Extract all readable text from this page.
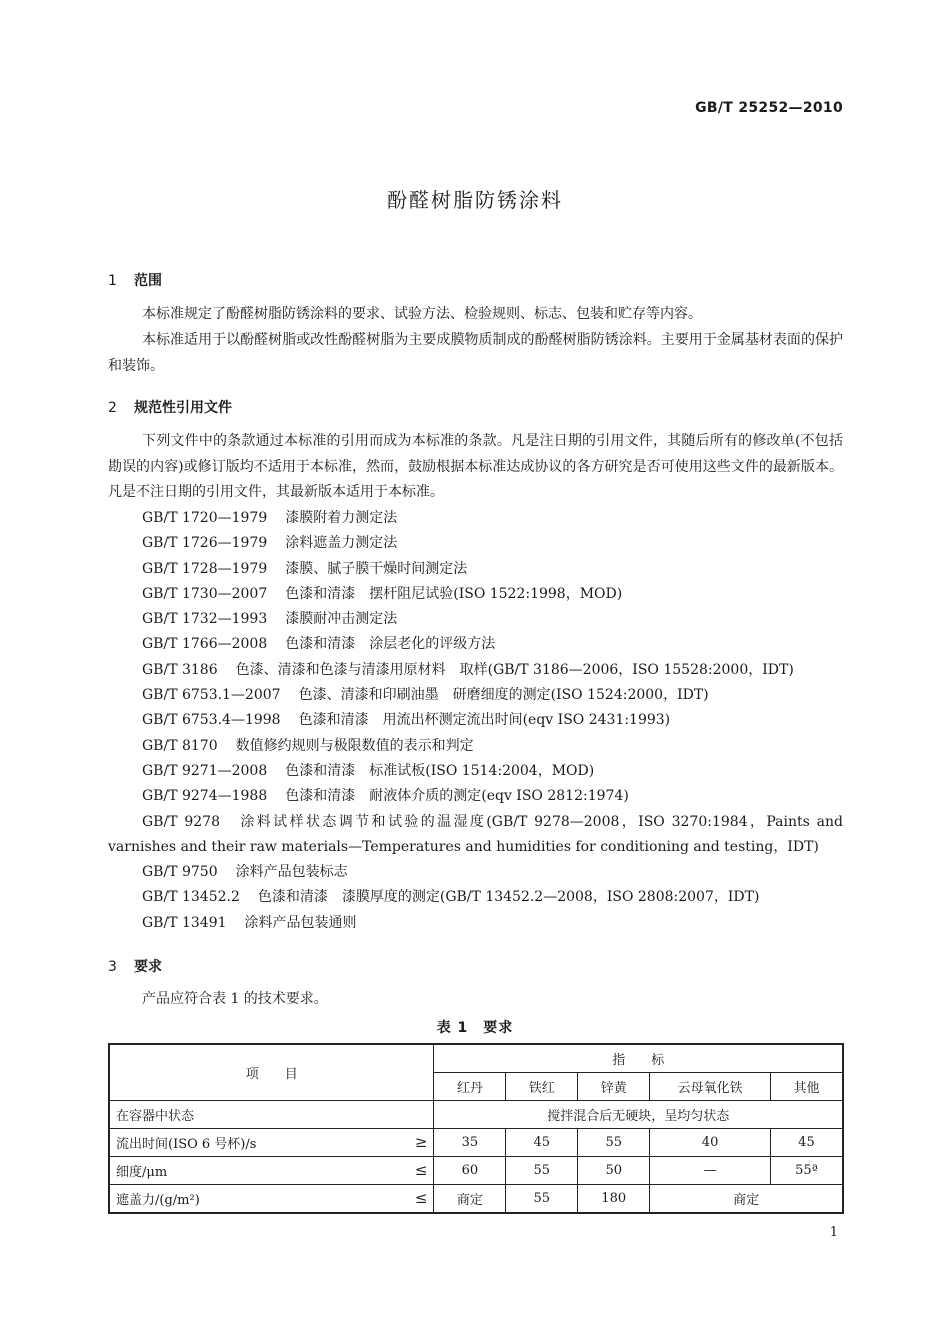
GB/T 25252—2010
酚醛树脂防锈涂料
1 范围

本标准规定了酚醛树脂防锈涂料的要求、试验方法、检验规则、标志、包装和贮存等内容。

本标准适用于以酚醛树脂或改性酚醛树脂为主要成膜物质制成的酚醛树脂防锈涂料。主要用于金属基材表面的保护和装饰。

2 规范性引用文件

下列文件中的条款通过本标准的引用而成为本标准的条款。凡是注日期的引用文件，其随后所有的修改单(不包括勘误的内容)或修订版均不适用于本标准，然而，鼓励根据本标准达成协议的各方研究是否可使用这些文件的最新版本。凡是不注日期的引用文件，其最新版本适用于本标准。

GB/T 1720—1979 漆膜附着力测定法
GB/T 1726—1979 涂料遮盖力测定法
GB/T 1728—1979 漆膜、腻子膜干燥时间测定法
GB/T 1730—2007 色漆和清漆　摆杆阻尼试验(ISO 1522:1998，MOD)
GB/T 1732—1993 漆膜耐冲击测定法
GB/T 1766—2008 色漆和清漆　涂层老化的评级方法
GB/T 3186 色漆、清漆和色漆与清漆用原材料　取样(GB/T 3186—2006，ISO 15528:2000，IDT)
GB/T 6753.1—2007 色漆、清漆和印刷油墨　研磨细度的测定(ISO 1524:2000，IDT)
GB/T 6753.4—1998 色漆和清漆　用流出杯测定流出时间(eqv ISO 2431:1993)
GB/T 8170 数值修约规则与极限数值的表示和判定
GB/T 9271—2008 色漆和清漆　标准试板(ISO 1514:2004，MOD)
GB/T 9274—1988 色漆和清漆　耐液体介质的测定(eqv ISO 2812:1974)
GB/T 9278 涂料试样状态调节和试验的温湿度(GB/T 9278—2008，ISO 3270:1984，Paints and varnishes and their raw materials—Temperatures and humidities for conditioning and testing，IDT)
GB/T 9750 涂料产品包装标志
GB/T 13452.2 色漆和清漆　漆膜厚度的测定(GB/T 13452.2—2008，ISO 2808:2007，IDT)
GB/T 13491 涂料产品包装通则
3 要求

产品应符合表 1 的技术要求。

表 1　要求
项　　目	指　　标				
	红丹	铁红	锌黄	云母氧化铁	其他
在容器中状态	搅拌混合后无硬块，呈均匀状态				
流出时间(ISO 6 号杯)/s ≥	35	45	55	40	45
细度/μm ≤	60	55	50	—	55ª
遮盖力/(g/m²) ≤	商定	55	180	商定	
1
